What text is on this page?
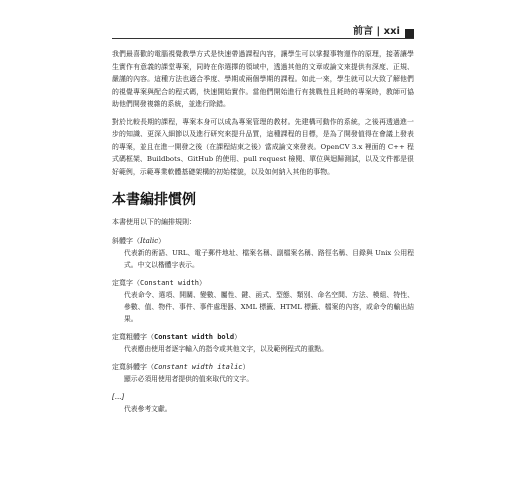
前言 | xxi

我們最喜歡的電腦視覺教學方式是快速帶過課程內容，讓學生可以掌握事物運作的原理，接著讓學生實作有意義的課堂專案，同時在你選擇的領域中，透過其他的文章或論文來提供有深度、正規、嚴謹的內容。這種方法也適合季度、學期或兩個學期的課程。如此一來，學生就可以大致了解他們的視覺專案與配合的程式碼，快速開始實作。當他們開始進行有挑戰性且耗時的專案時，教師可協助他們開發複雜的系統，並進行除錯。

對於比較長期的課程，專案本身可以成為專案管理的教材。先建構可動作的系統，之後再透過進一步的知識、更深入細節以及進行研究來提升品質，這種課程的目標，是為了開發值得在會議上發表的專案，並且在進一開發之後（在課程結束之後）當成論文來發表。OpenCV 3.x 裡面的 C++ 程式碼框架、Buildbots、GitHub 的使用、pull request 檢閱、單位與迴歸測試，以及文件都是很好範例，示範專業軟體基礎架構的初始樣貌，以及如何納入其他的事物。

本書編排慣例

本書使用以下的編排規則：

斜體字（Italic）

代表新的術語、URL、電子郵件地址、檔案名稱、副檔案名稱、路徑名稱、目錄與 Unix 公用程式。中文以楷體字表示。

定寬字（Constant width）

代表命令、選項、開關、變數、屬性、鍵、函式、型態、類別、命名空間、方法、模組、特性、參數、值、物件、事件、事件處理器、XML 標籤、HTML 標籤、檔案的內容，或命令的輸出結果。

定寬粗體字（Constant width bold）

代表應由使用者逐字輸入的指令或其他文字，以及範例程式的重點。

定寬斜體字（Constant width italic）

顯示必須用使用者提供的值來取代的文字。

[...]

代表參考文獻。
